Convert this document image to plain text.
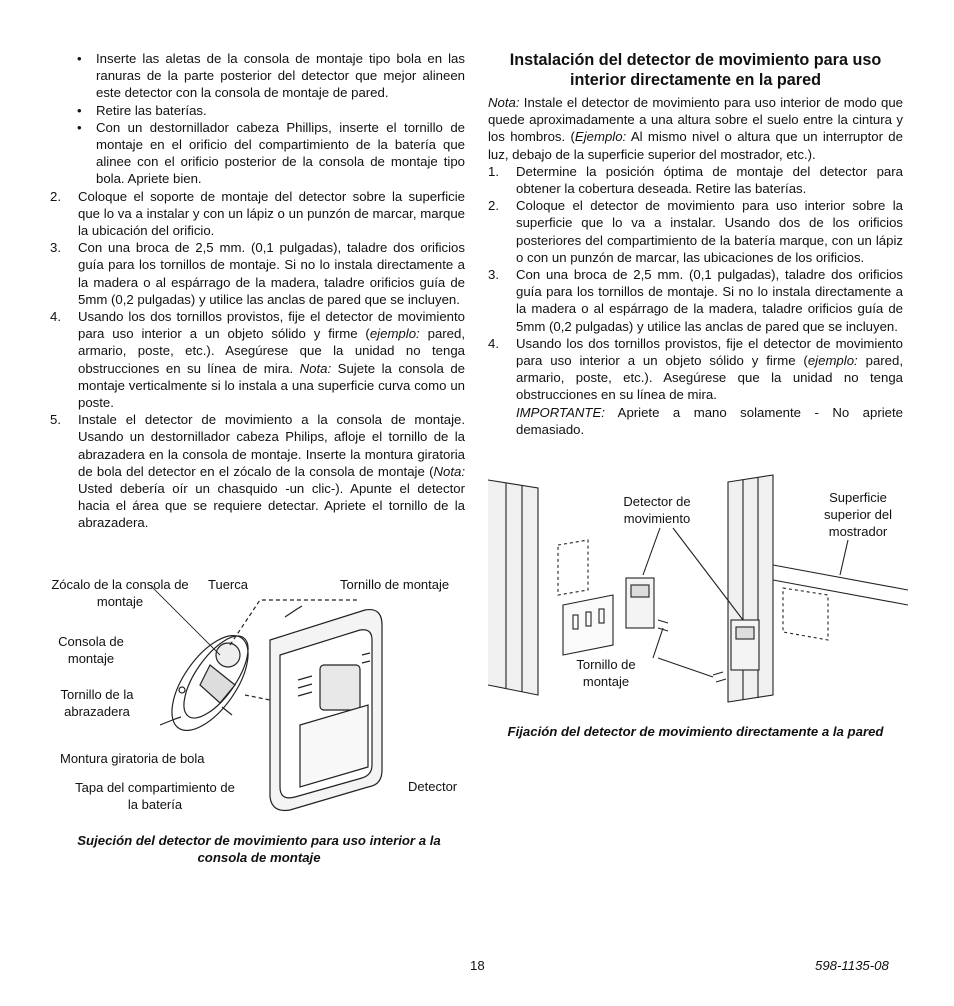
• Inserte las aletas de la consola de montaje tipo bola en las ranuras de la parte posterior del detector que mejor alineen este detector con la consola de montaje de pared.

• Retire las baterías.

• Con un destornillador cabeza Phillips, inserte el tornillo de montaje en el orificio del compartimiento de la batería que alinee con el orificio posterior de la consola de montaje tipo bola. Apriete bien.

2. Coloque el soporte de montaje del detector sobre la superficie que lo va a instalar y con un lápiz o un punzón de marcar, marque la ubicación del orificio.

3. Con una broca de 2,5 mm. (0,1 pulgadas), taladre dos orificios guía para los tornillos de montaje. Si no lo instala directamente a la madera o al espárrago de la madera, taladre orificios guía de 5mm (0,2 pulgadas) y utilice las anclas de pared que se incluyen.

4. Usando los dos tornillos provistos, fije el detector de movimiento para uso interior a un objeto sólido y firme (ejemplo: pared, armario, poste, etc.). Asegúrese que la unidad no tenga obstrucciones en su línea de mira. Nota: Sujete la consola de montaje verticalmente si lo instala a una superficie curva como un poste.

5. Instale el detector de movimiento a la consola de montaje. Usando un destornillador cabeza Philips, afloje el tornillo de la abrazadera en la consola de montaje. Inserte la montura giratoria de bola del detector en el zócalo de la consola de montaje (Nota: Usted debería oír un chasquido -un clic-). Apunte el detector hacia el área que se requiere detectar. Apriete el tornillo de la abrazadera.

Instalación del detector de movimiento para uso interior directamente en la pared

Nota: Instale el detector de movimiento para uso interior de modo que quede aproximadamente a una altura sobre el suelo entre la cintura y los hombros. (Ejemplo: Al mismo nivel o altura que un interruptor de luz, debajo de la superficie superior del mostrador, etc.).

1. Determine la posición óptima de montaje del detector para obtener la cobertura deseada. Retire las baterías.

2. Coloque el detector de movimiento para uso interior sobre la superficie que lo va a instalar. Usando dos de los orificios posteriores del compartimiento de la batería marque, con un lápiz o con un punzón de marcar, las ubicaciones de los orificios.

3. Con una broca de 2,5 mm. (0,1 pulgadas), taladre dos orificios guía para los tornillos de montaje. Si no lo instala directamente a la madera o al espárrago de la madera, taladre orificios guía de 5mm (0,2 pulgadas) y utilice las anclas de pared que se incluyen.

4. Usando los dos tornillos provistos, fije el detector de movimiento para uso interior a un objeto sólido y firme (ejemplo: pared, armario, poste, etc.). Asegúrese que la unidad no tenga obstrucciones en su línea de mira.
IMPORTANTE: Apriete a mano solamente - No apriete demasiado.

Zócalo de la consola de montaje
Tuerca	Tornillo de montaje
Consola de montaje
Tornillo de la abrazadera
Montura giratoria de bola
Tapa del compartimiento de la batería
Detector
Sujeción del detector de movimiento para uso interior a la consola de montaje
Detector de movimiento
Superficie superior del mostrador
Tornillo de montaje
Fijación del detector de movimiento directamente a la pared
18	598-1135-08
